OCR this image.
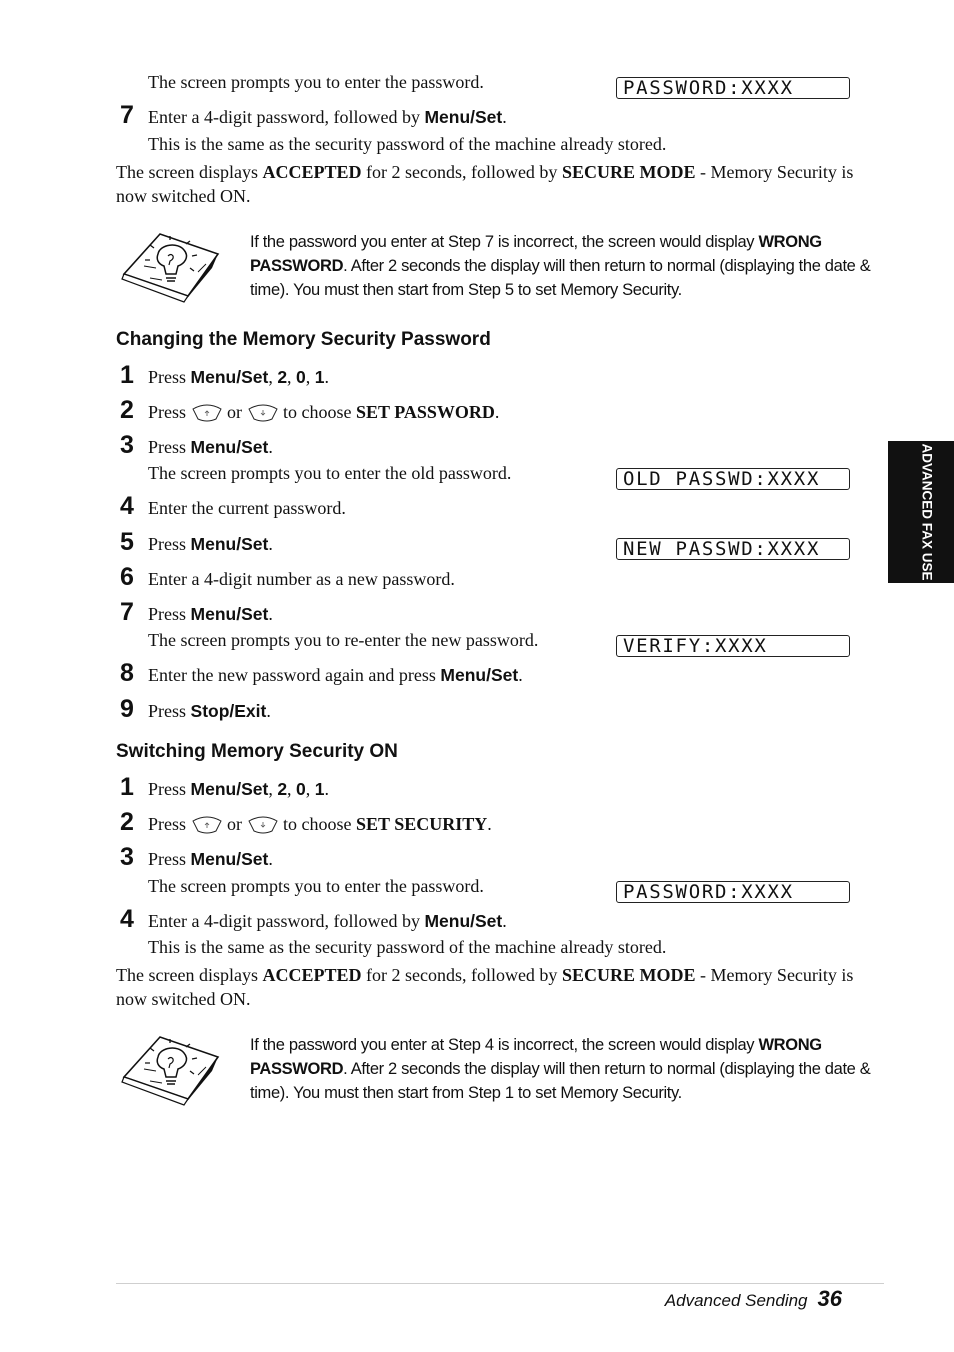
The screen prompts you to enter the password.	PASSWORD:XXXX
7 Enter a 4-digit password, followed by Menu/Set.
This is the same as the security password of the machine already stored.
The screen displays ACCEPTED for 2 seconds, followed by SECURE MODE - Memory Security is now switched ON.
If the password you enter at Step 7 is incorrect, the screen would display WRONG PASSWORD. After 2 seconds the display will then return to normal (displaying the date & time). You must then start from Step 5 to set Memory Security.
Changing the Memory Security Password
1 Press Menu/Set, 2, 0, 1.
2 Press or to choose SET PASSWORD.
3 Press Menu/Set.
The screen prompts you to enter the old password.	OLD PASSWD:XXXX
4 Enter the current password.
5 Press Menu/Set.	NEW PASSWD:XXXX
6 Enter a 4-digit number as a new password.
7 Press Menu/Set.
The screen prompts you to re-enter the new password.	VERIFY:XXXX
8 Enter the new password again and press Menu/Set.
9 Press Stop/Exit.
Switching Memory Security ON
1 Press Menu/Set, 2, 0, 1.
2 Press or to choose SET SECURITY.
3 Press Menu/Set.
The screen prompts you to enter the password.	PASSWORD:XXXX
4 Enter a 4-digit password, followed by Menu/Set.
This is the same as the security password of the machine already stored.
The screen displays ACCEPTED for 2 seconds, followed by SECURE MODE - Memory Security is now switched ON.
If the password you enter at Step 4 is incorrect, the screen would display WRONG PASSWORD. After 2 seconds the display will then return to normal (displaying the date & time). You must then start from Step 1 to set Memory Security.
ADVANCED FAX USE
Advanced Sending 36
